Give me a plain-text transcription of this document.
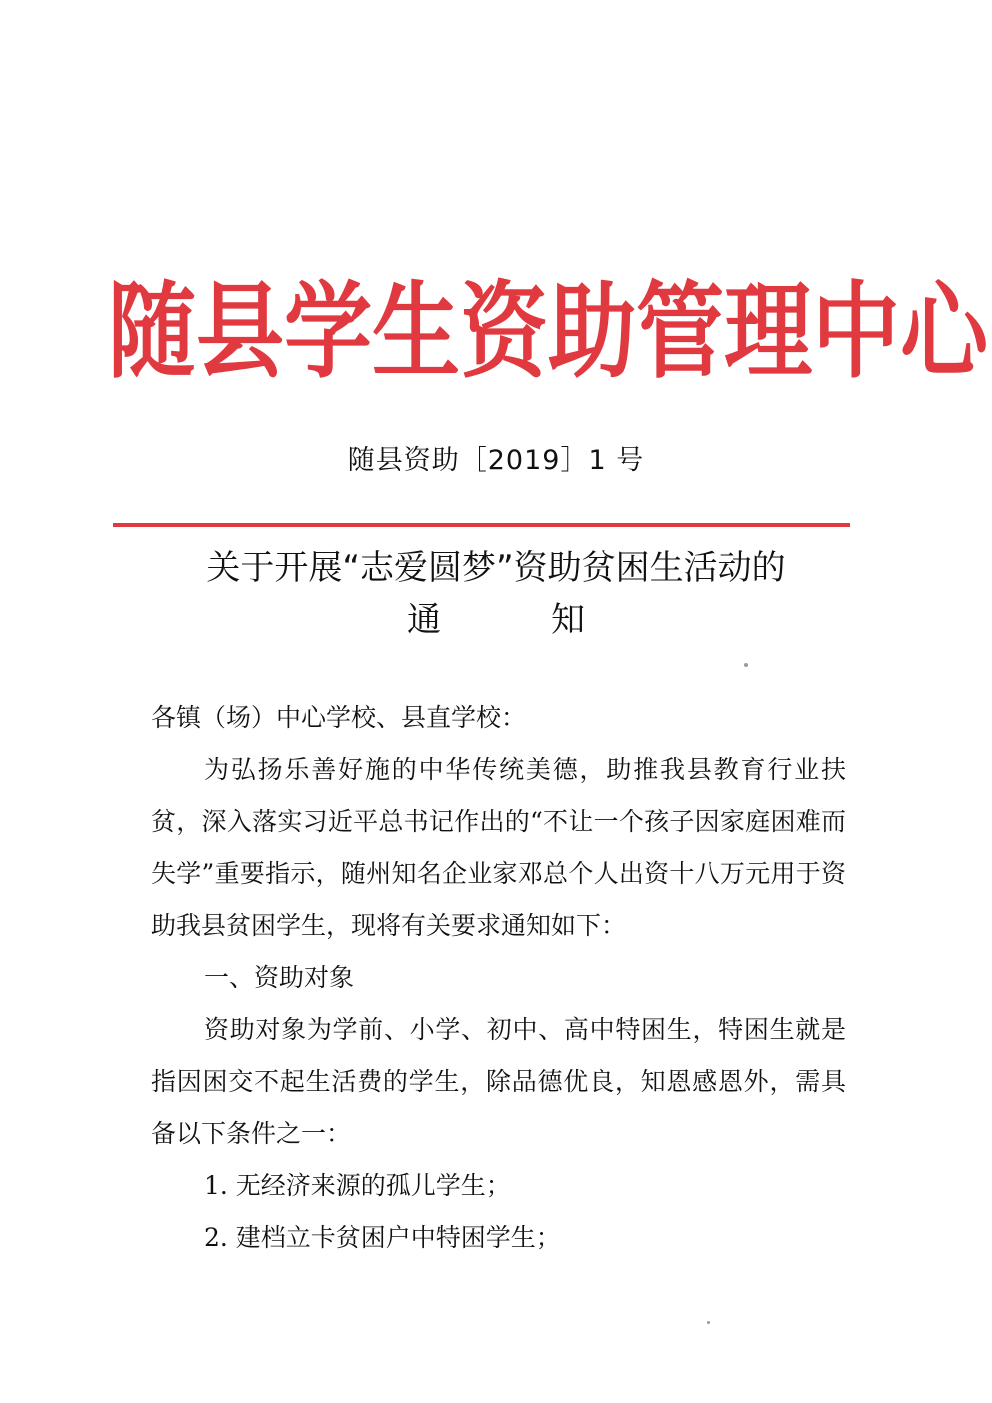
随 县 学 生 资 助 管 理 中 心
随县资助［2019］1 号
关于开展“志爱圆梦”资助贫困生活动的
通	知

各镇（场）中心学校、县直学校：

为弘扬乐善好施的中华传统美德，助推我县教育行业扶贫，深入落实习近平总书记作出的“不让一个孩子因家庭困难而失学”重要指示，随州知名企业家邓总个人出资十八万元用于资助我县贫困学生，现将有关要求通知如下：

一、资助对象

资助对象为学前、小学、初中、高中特困生，特困生就是指因困交不起生活费的学生，除品德优良，知恩感恩外，需具备以下条件之一：

1. 无经济来源的孤儿学生；

2. 建档立卡贫困户中特困学生；
